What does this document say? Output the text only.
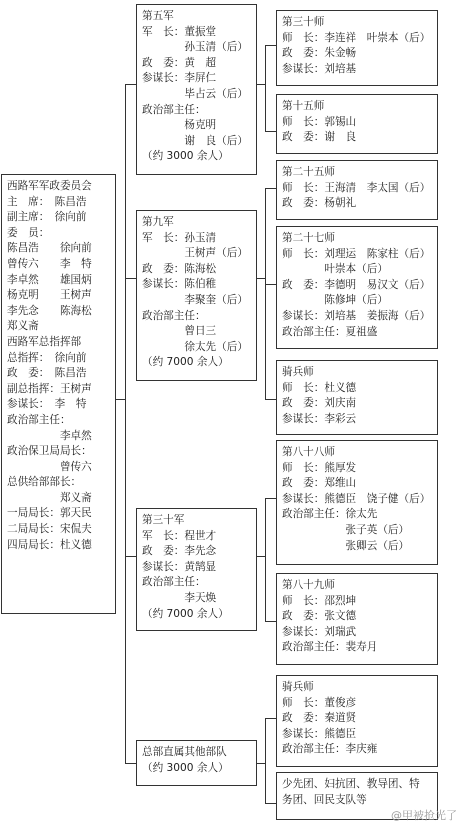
西路军军政委员会
主　席：　陈昌浩
副主席：　徐向前
委　员：
陈昌浩　　徐向前
曾传六　　李　特
李卓然　　雄国炳
杨克明　　王树声
李先念　　陈海松
郑义斋
西路军总指挥部
总指挥：　徐向前
政　委：　陈昌浩
副总指挥：王树声
参谋长：　李　特
政治部主任：
　　　　　李卓然
政治保卫局局长：
　　　　　曾传六
总供给部部长：
　　　　　郑义斋
一局局长：郭天民
二局局长：宋侃夫
四局局长：杜义德
第五军
军　长：董振堂
　　　　孙玉清（后）
政　委：黄　超
参谋长：李屏仁
　　　　毕占云（后）
政治部主任：
　　　　杨克明
　　　　谢　良（后）
（约 3000 余人）
第九军
军　长：孙玉清
　　　　王树声（后）
政　委：陈海松
参谋长：陈伯稚
　　　　李聚奎（后）
政治部主任：
　　　　曾日三
　　　　徐太先（后）
（约 7000 余人）
第三十军
军　长：程世才
政　委：李先念
参谋长：黄鹄显
政治部主任：
　　　　李天焕
（约 7000 余人）
总部直属其他部队
（约 3000 余人）
第三十师
师　长：李连祥　叶崇本（后）
政　委：朱金畅
参谋长：刘培基
第十五师
师　长：郭锡山
政　委：谢　良
第二十五师
师　长：王海清　李太国（后）
政　委：杨朝礼
第二十七师
师　长：刘理运　陈家柱（后）
　　　　叶崇本（后）
政　委：李德明　易汉文（后）
　　　　陈修坤（后）
参谋长：刘培基　姜振海（后）
政治部主任：夏祖盛
骑兵师
师　长：杜义德
政　委：刘庆南
参谋长：李彩云
第八十八师
师　长：熊厚发
政　委：郑维山
参谋长：熊德臣　饶子健（后）
政治部主任：徐太先
　　　　　　张子英（后）
　　　　　　张卿云（后）
第八十九师
师　长：邵烈坤
政　委：张文德
参谋长：刘瑞武
政治部主任：裴寿月
骑兵师
师　长：董俊彦
政　委：秦道贤
参谋长：熊德臣
政治部主任：李庆雍
少先团、妇抗团、教导团、特
务团、回民支队等
@甲被抢光了
